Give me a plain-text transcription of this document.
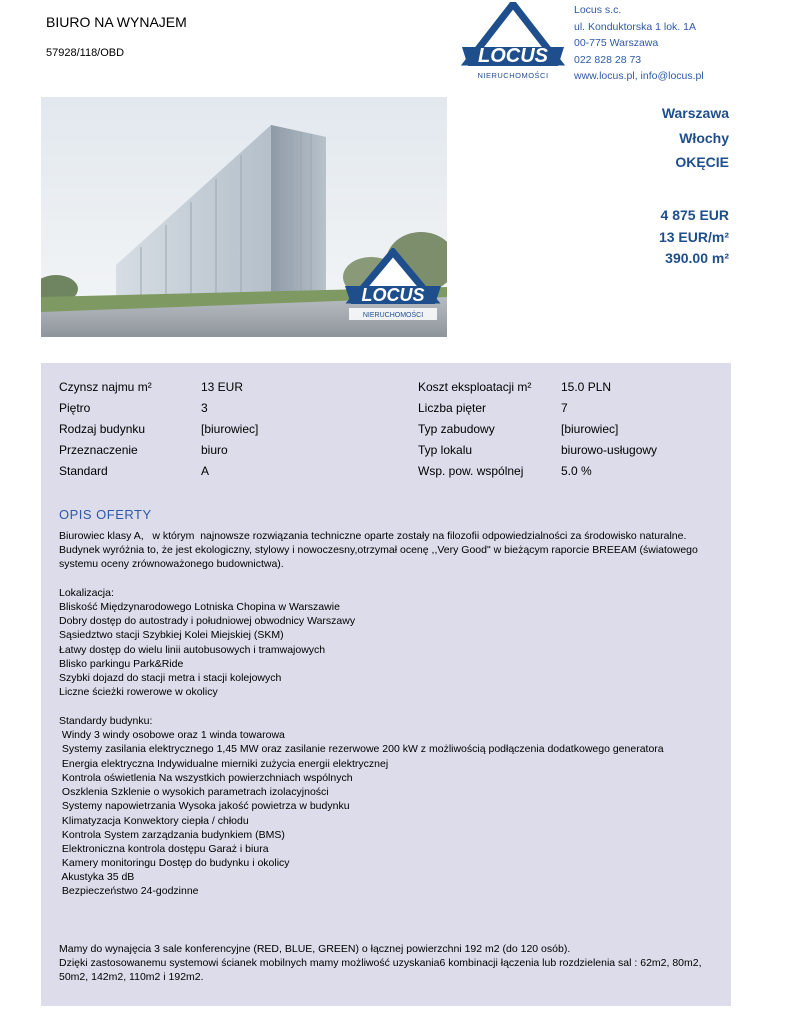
BIURO NA WYNAJEM
57928/118/OBD	LOCUS
NIERUCHOMOŚCI
Locus s.c.
ul. Konduktorska 1 lok. 1A
00-775 Warszawa
022 828 28 73
www.locus.pl, info@locus.pl
LOCUS
NIERUCHOMOŚCI
Warszawa
Włochy
OKĘCIE
4 875 EUR
13 EUR/m²
390.00 m²
Czynsz najmu m²	13 EUR
Piętro	3
Rodzaj budynku	[biurowiec]
Przeznaczenie	biuro
Standard	A
Koszt eksploatacji m² 15.0 PLN
Liczba pięter	7
Typ zabudowy	[biurowiec]
Typ lokalu	biurowo-usługowy
Wsp. pow. wspólnej	5.0 %
OPIS OFERTY
Biurowiec klasy A,   w którym  najnowsze rozwiązania techniczne oparte zostały na filozofii odpowiedzialności za środowisko naturalne.
Budynek wyróżnia to, że jest ekologiczny, stylowy i nowoczesny,otrzymał ocenę ,,Very Good" w bieżącym raporcie BREEAM (światowego
systemu oceny zrównoważonego budownictwa).
Lokalizacja:
Bliskość Międzynarodowego Lotniska Chopina w Warszawie
Dobry dostęp do autostrady i południowej obwodnicy Warszawy
Sąsiedztwo stacji Szybkiej Kolei Miejskiej (SKM)
Łatwy dostęp do wielu linii autobusowych i tramwajowych
Blisko parkingu Park&Ride
Szybki dojazd do stacji metra i stacji kolejowych
Liczne ścieżki rowerowe w okolicy
Standardy budynku:
Windy 3 windy osobowe oraz 1 winda towarowa
Systemy zasilania elektrycznego 1,45 MW oraz zasilanie rezerwowe 200 kW z możliwością podłączenia dodatkowego generatora
Energia elektryczna Indywidualne mierniki zużycia energii elektrycznej
Kontrola oświetlenia Na wszystkich powierzchniach wspólnych
Oszklenia Szklenie o wysokich parametrach izolacyjności
Systemy napowietrzania Wysoka jakość powietrza w budynku
Klimatyzacja Konwektory ciepła / chłodu
Kontrola System zarządzania budynkiem (BMS)
Elektroniczna kontrola dostępu Garaż i biura
Kamery monitoringu Dostęp do budynku i okolicy
Akustyka 35 dB
Bezpieczeństwo 24-godzinne
Mamy do wynajęcia 3 sale konferencyjne (RED, BLUE, GREEN) o łącznej powierzchni 192 m2 (do 120 osób).
Dzięki zastosowanemu systemowi ścianek mobilnych mamy możliwość uzyskania6 kombinacji łączenia lub rozdzielenia sal : 62m2, 80m2,
50m2, 142m2, 110m2 i 192m2.
